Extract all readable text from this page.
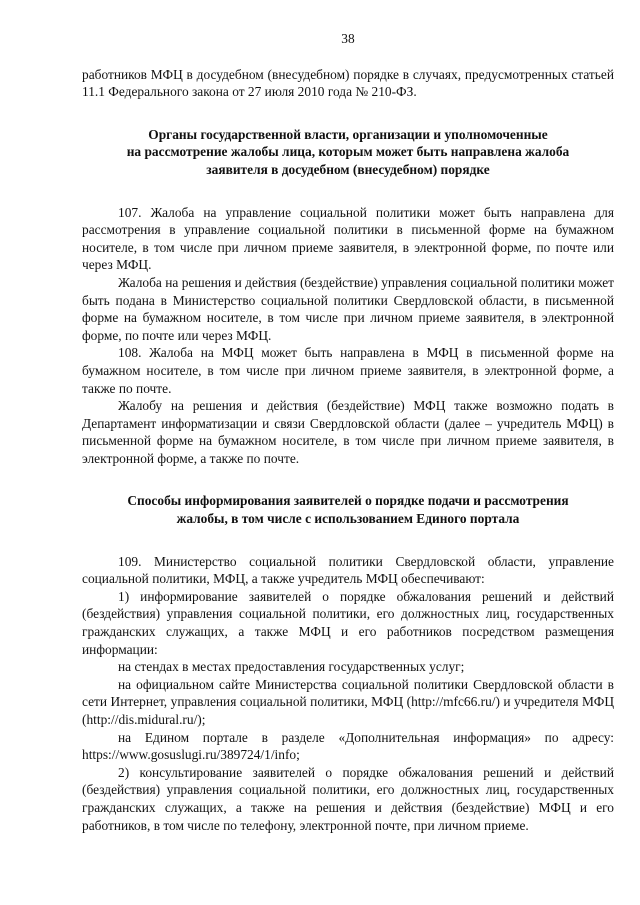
38

работников МФЦ в досудебном (внесудебном) порядке в случаях, предусмотренных статьей 11.1 Федерального закона от 27 июля 2010 года № 210-ФЗ.

Органы государственной власти, организации и уполномоченные
на рассмотрение жалобы лица, которым может быть направлена жалоба
заявителя в досудебном (внесудебном) порядке

107. Жалоба на управление социальной политики может быть направлена для рассмотрения в управление социальной политики в письменной форме на бумажном носителе, в том числе при личном приеме заявителя, в электронной форме, по почте или через МФЦ.

Жалоба на решения и действия (бездействие) управления социальной политики может быть подана в Министерство социальной политики Свердловской области, в письменной форме на бумажном носителе, в том числе при личном приеме заявителя, в электронной форме, по почте или через МФЦ.

108. Жалоба на МФЦ может быть направлена в МФЦ в письменной форме на бумажном носителе, в том числе при личном приеме заявителя, в электронной форме, а также по почте.

Жалобу на решения и действия (бездействие) МФЦ также возможно подать в Департамент информатизации и связи Свердловской области (далее – учредитель МФЦ) в письменной форме на бумажном носителе, в том числе при личном приеме заявителя, в электронной форме, а также по почте.

Способы информирования заявителей о порядке подачи и рассмотрения
жалобы, в том числе с использованием Единого портала

109. Министерство социальной политики Свердловской области, управление социальной политики, МФЦ, а также учредитель МФЦ обеспечивают:

1) информирование заявителей о порядке обжалования решений и действий (бездействия) управления социальной политики, его должностных лиц, государственных гражданских служащих, а также МФЦ и его работников посредством размещения информации:

на стендах в местах предоставления государственных услуг;

на официальном сайте Министерства социальной политики Свердловской области в сети Интернет, управления социальной политики, МФЦ (http://mfc66.ru/) и учредителя МФЦ (http://dis.midural.ru/);

на Едином портале в разделе «Дополнительная информация» по адресу: https://www.gosuslugi.ru/389724/1/info;

2) консультирование заявителей о порядке обжалования решений и действий (бездействия) управления социальной политики, его должностных лиц, государственных гражданских служащих, а также на решения и действия (бездействие) МФЦ и его работников, в том числе по телефону, электронной почте, при личном приеме.
